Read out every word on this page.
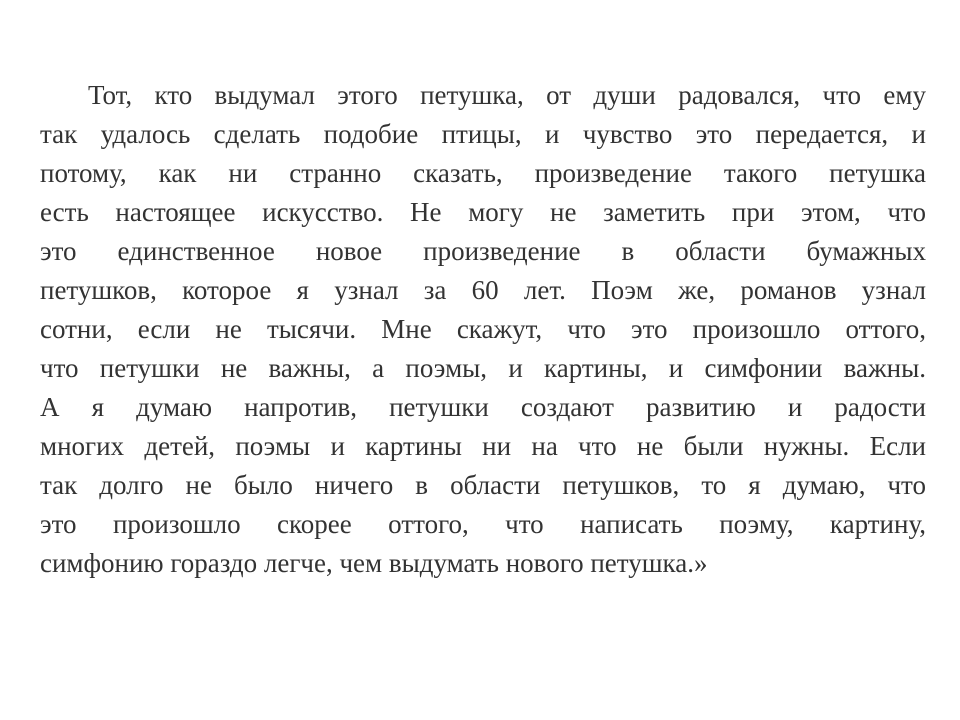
Тот, кто выдумал этого петушка, от души радовался, что ему
так удалось сделать подобие птицы, и чувство это передается, и
потому, как ни странно сказать, произведение такого петушка
есть настоящее искусство. Не могу не заметить при этом, что
это единственное новое произведение в области бумажных
петушков, которое я узнал за 60 лет. Поэм же, романов узнал
сотни, если не тысячи. Мне скажут, что это произошло оттого,
что петушки не важны, а поэмы, и картины, и симфонии важны.
А я думаю напротив, петушки создают развитию и радости
многих детей, поэмы и картины ни на что не были нужны. Если
так долго не было ничего в области петушков, то я думаю, что
это произошло скорее оттого, что написать поэму, картину,
симфонию гораздо легче, чем выдумать нового петушка.»
